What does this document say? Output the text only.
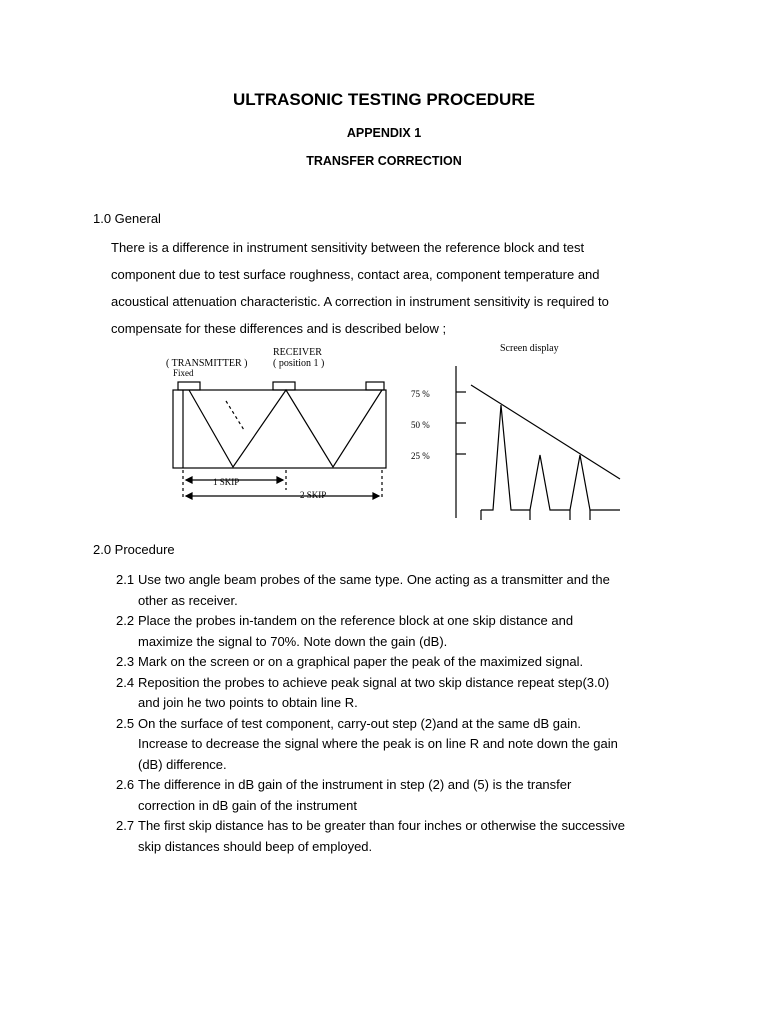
ULTRASONIC TESTING PROCEDURE
APPENDIX 1
TRANSFER CORRECTION
1.0 General

There is a difference in instrument sensitivity between the reference block and test

component due to test surface roughness, contact area, component temperature and

acoustical attenuation characteristic. A correction in instrument sensitivity is required to

compensate for these differences and is described below ;

( TRANSMITTER )
Fixed
RECEIVER
( position 1 )
1 SKIP
2 SKIP
Screen display
75 %
50 %
25 %
2.0 Procedure
2.1 Use two angle beam probes of the same type. One acting as a transmitter and the
other as receiver.
2.2 Place the probes in-tandem on the reference block at one skip distance and
maximize the signal to 70%. Note down the gain (dB).
2.3 Mark on the screen or on a graphical paper the peak of the maximized signal.
2.4 Reposition the probes to achieve peak signal at two skip distance repeat step(3.0)
and join he two points to obtain line R.
2.5 On the surface of test component, carry-out step (2)and at the same dB gain.
Increase to decrease the signal where the peak is on line R and note down the gain
(dB) difference.
2.6 The difference in dB gain of the instrument in step (2) and (5) is the transfer
correction in dB gain of the instrument
2.7 The first skip distance has to be greater than four inches or otherwise the successive
skip distances should beep of employed.
